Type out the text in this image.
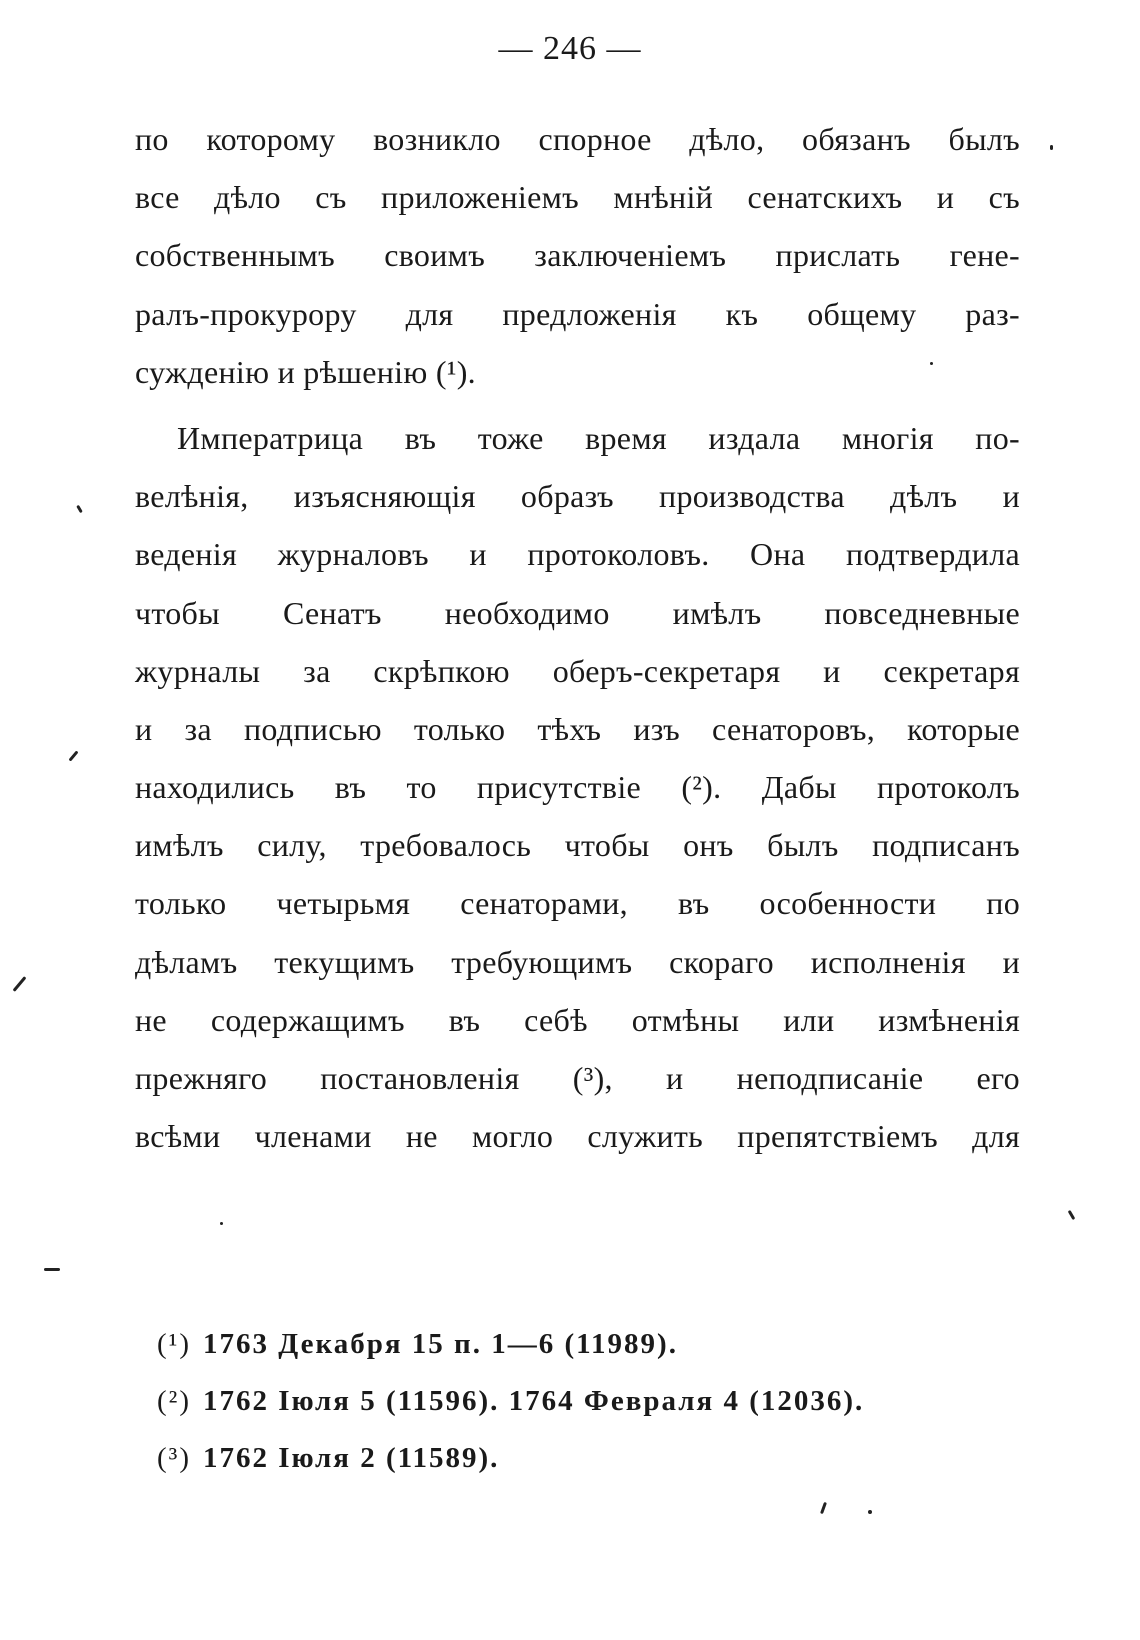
— 246 —
по которому возникло спорное дѣло, обязанъ былъ
все дѣло съ приложеніемъ мнѣній сенатскихъ и съ
собственнымъ своимъ заключеніемъ прислать гене-
ралъ-прокурору для предложенія къ общему раз-
сужденію и рѣшенію (¹).
Императрица въ тоже время издала многія по-
велѣнія, изъясняющія образъ производства дѣлъ и
веденія журналовъ и протоколовъ. Она подтвердила
чтобы Сенатъ необходимо имѣлъ повседневные
журналы за скрѣпкою оберъ-секретаря и секретаря
и за подписью только тѣхъ изъ сенаторовъ, которые
находились въ то присутствіе (²). Дабы протоколъ
имѣлъ силу, требовалось чтобы онъ былъ подписанъ
только четырьмя сенаторами, въ особенности по
дѣламъ текущимъ требующимъ скораго исполненія и
не содержащимъ въ себѣ отмѣны или измѣненія
прежняго постановленія (³), и неподписаніе его
всѣми членами не могло служить препятствіемъ для
(¹) 1763 Декабря 15 п. 1—6 (11989).
(²) 1762 Іюля 5 (11596). 1764 Февраля 4 (12036).
(³) 1762 Іюля 2 (11589).
